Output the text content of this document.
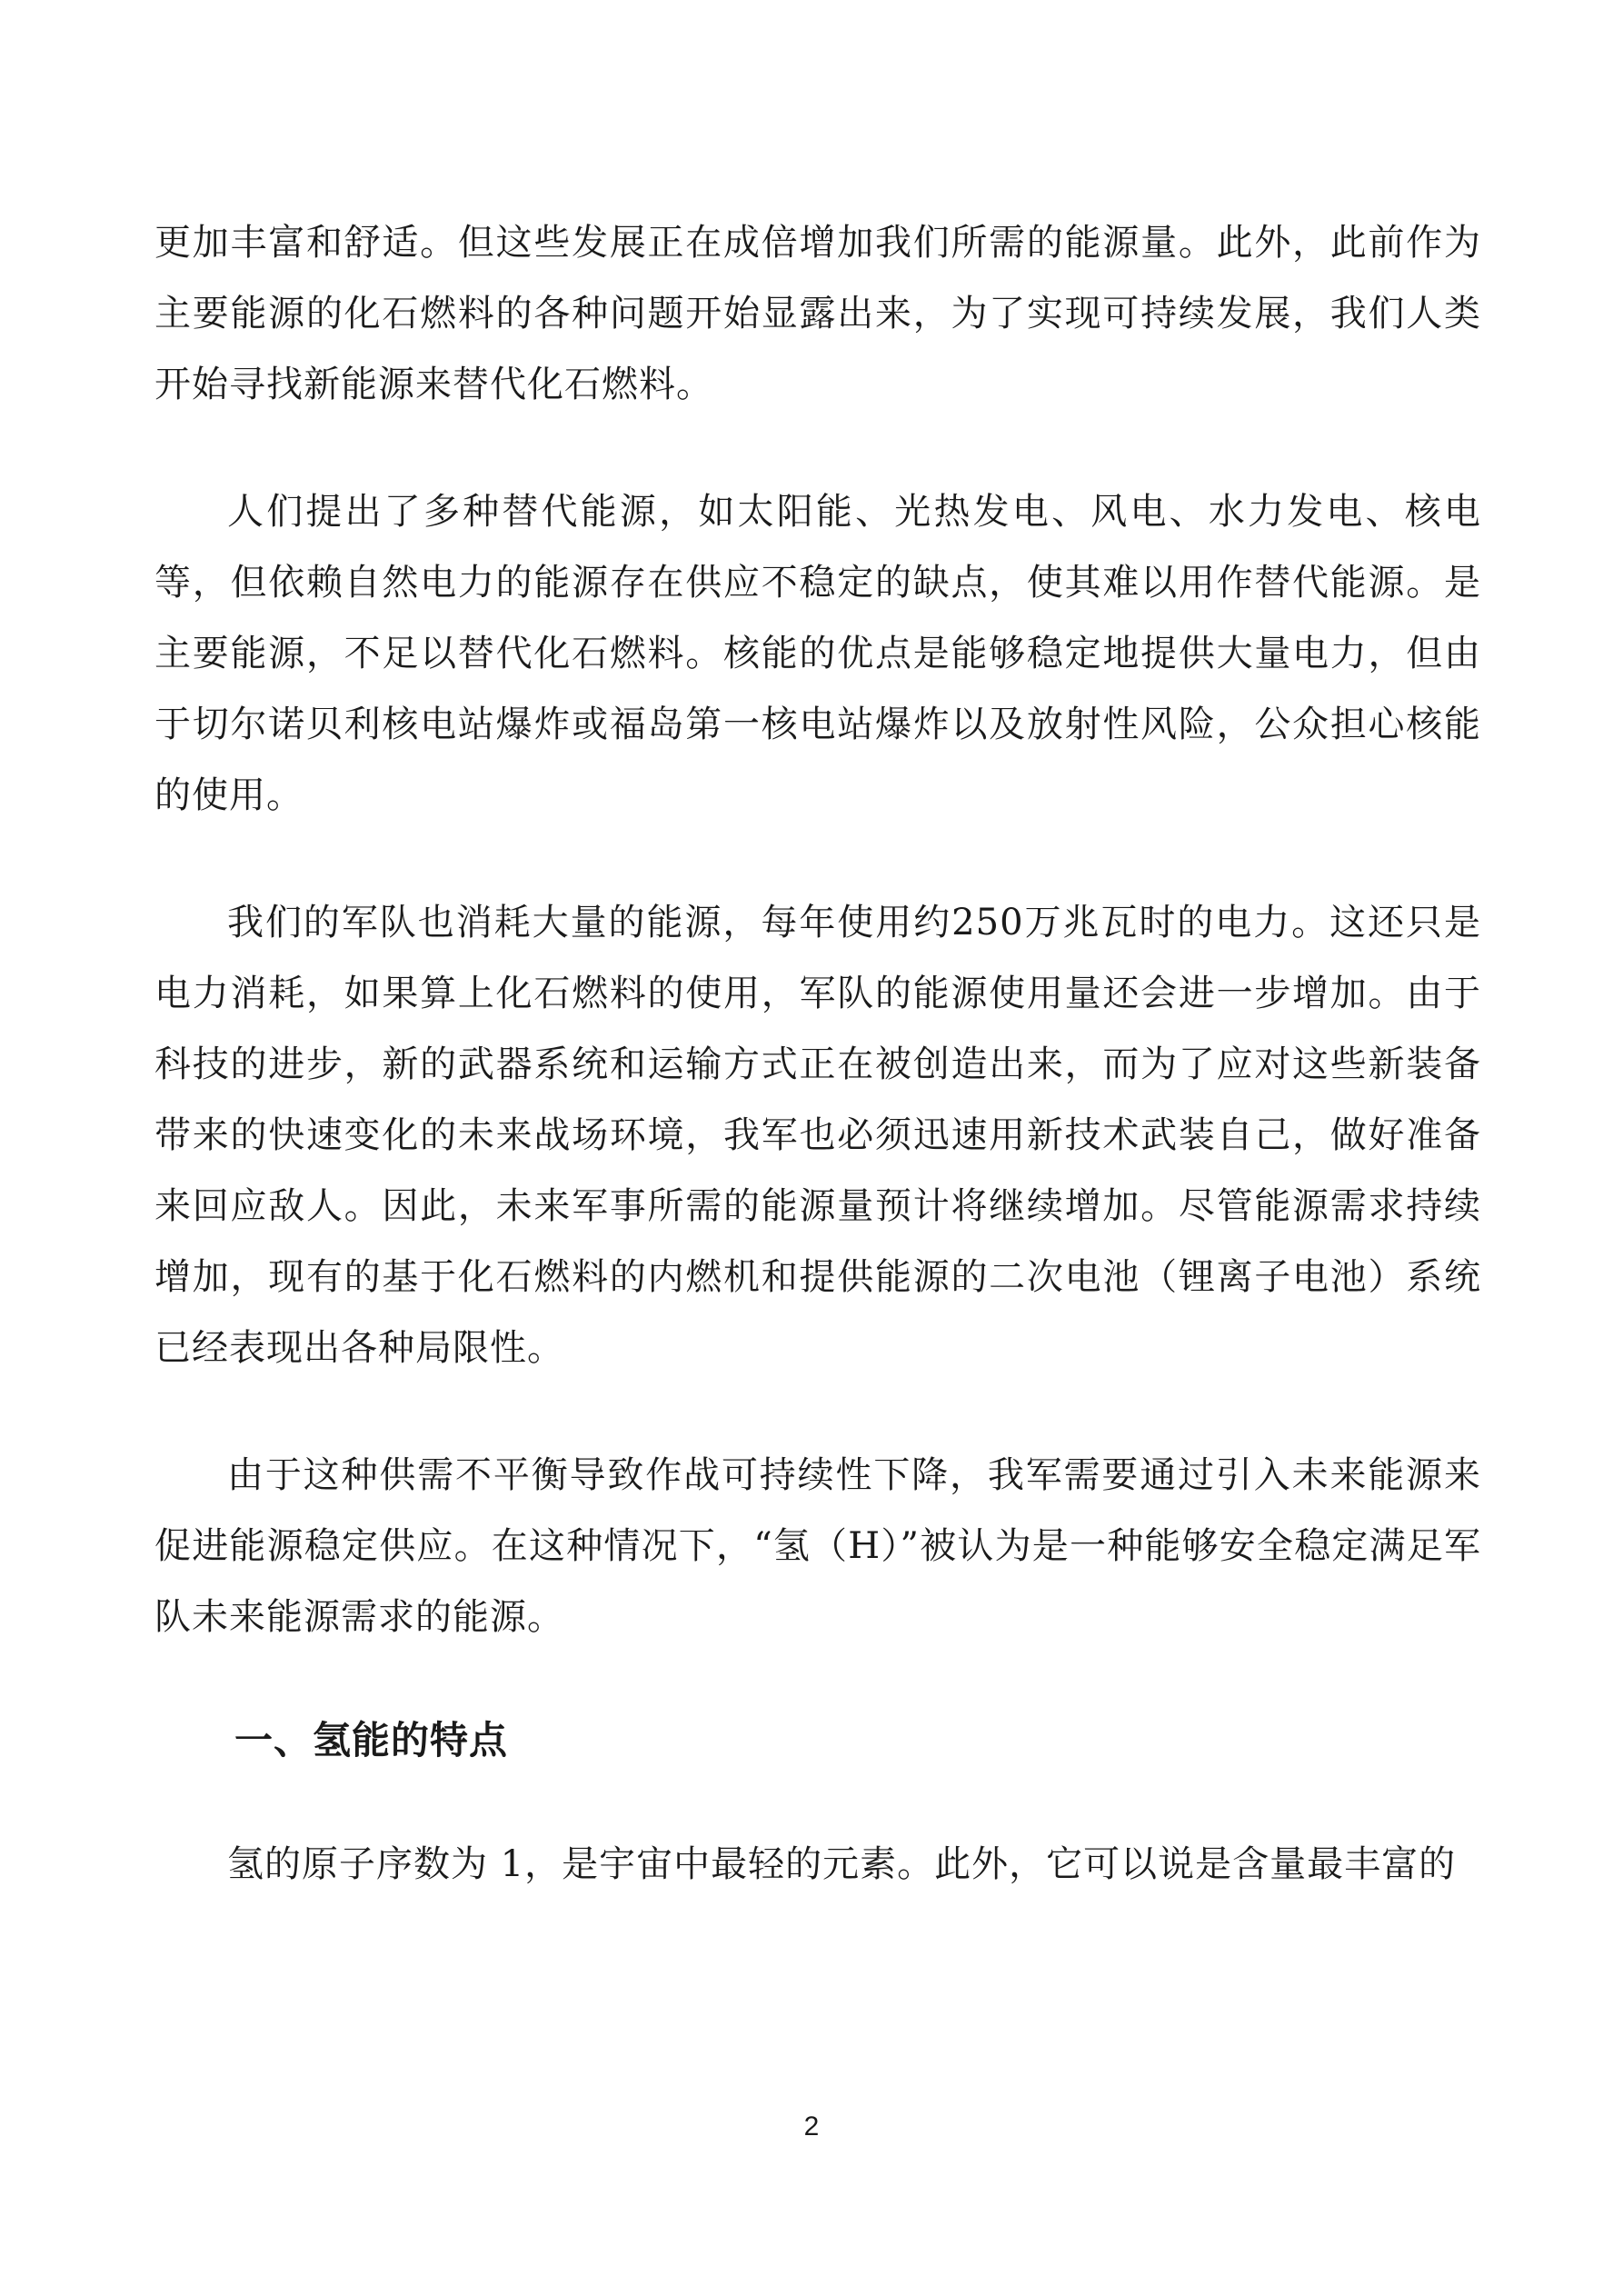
更加丰富和舒适。但这些发展正在成倍增加我们所需的能源量。此外，此前作为主要能源的化石燃料的各种问题开始显露出来，为了实现可持续发展，我们人类开始寻找新能源来替代化石燃料。

人们提出了多种替代能源，如太阳能、光热发电、风电、水力发电、核电等，但依赖自然电力的能源存在供应不稳定的缺点，使其难以用作替代能源。是主要能源，不足以替代化石燃料。核能的优点是能够稳定地提供大量电力，但由于切尔诺贝利核电站爆炸或福岛第一核电站爆炸以及放射性风险，公众担心核能的使用。

我们的军队也消耗大量的能源，每年使用约250万兆瓦时的电力。这还只是电力消耗，如果算上化石燃料的使用，军队的能源使用量还会进一步增加。由于科技的进步，新的武器系统和运输方式正在被创造出来，而为了应对这些新装备带来的快速变化的未来战场环境，我军也必须迅速用新技术武装自己，做好准备来回应敌人。因此，未来军事所需的能源量预计将继续增加。尽管能源需求持续增加，现有的基于化石燃料的内燃机和提供能源的二次电池（锂离子电池）系统已经表现出各种局限性。

由于这种供需不平衡导致作战可持续性下降，我军需要通过引入未来能源来促进能源稳定供应。在这种情况下，“氢（H）”被认为是一种能够安全稳定满足军队未来能源需求的能源。

一、氢能的特点

氢的原子序数为 1，是宇宙中最轻的元素。此外，它可以说是含量最丰富的

2
